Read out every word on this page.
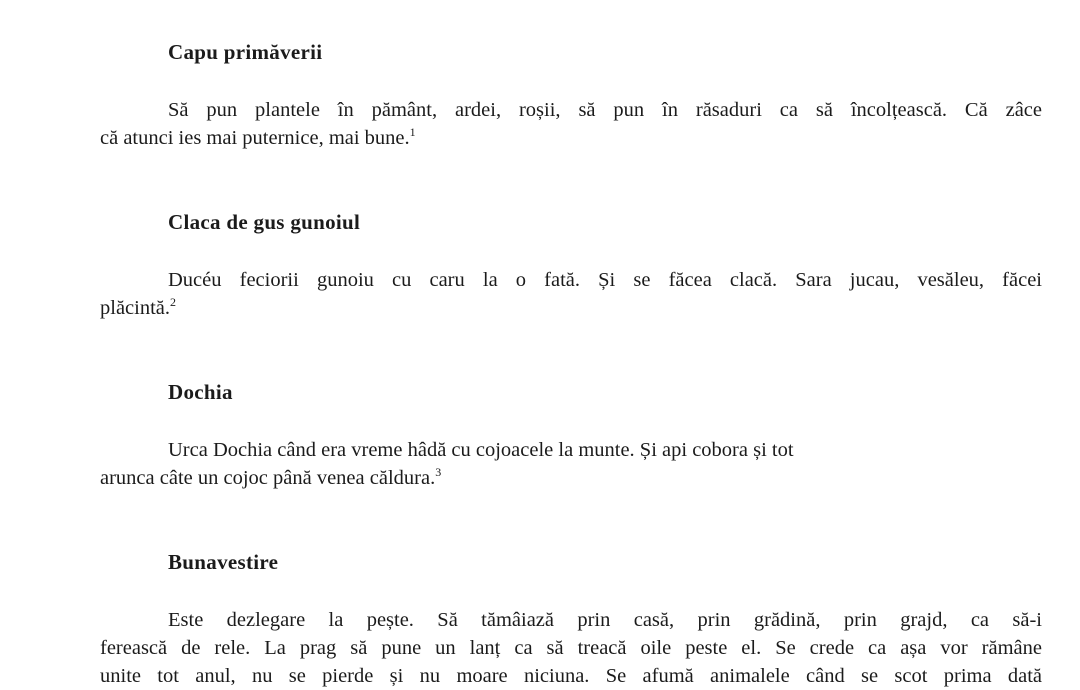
Capu primăverii
Să pun plantele în pământ, ardei, roșii, să pun în răsaduri ca să încolțească. Că zâce
că atunci ies mai puternice, mai bune.$^1$
Claca de gus gunoiul
Ducéu feciorii gunoiu cu caru la o fată. Și se făcea clacă. Sara jucau, vesăleu, făcei
plăcintă.$^2$
Dochia
Urca Dochia când era vreme hâdă cu cojoacele la munte. Și api cobora și tot
arunca câte un cojoc până venea căldura.$^3$
Bunavestire
Este dezlegare la pește. Să tămâiază prin casă, prin grădină, prin grajd, ca să-i
ferească de rele. La prag să pune un lanț ca să treacă oile peste el. Se crede ca așa vor rămâne
unite tot anul, nu se pierde și nu moare niciuna. Se afumă animalele când se scot prima dată
